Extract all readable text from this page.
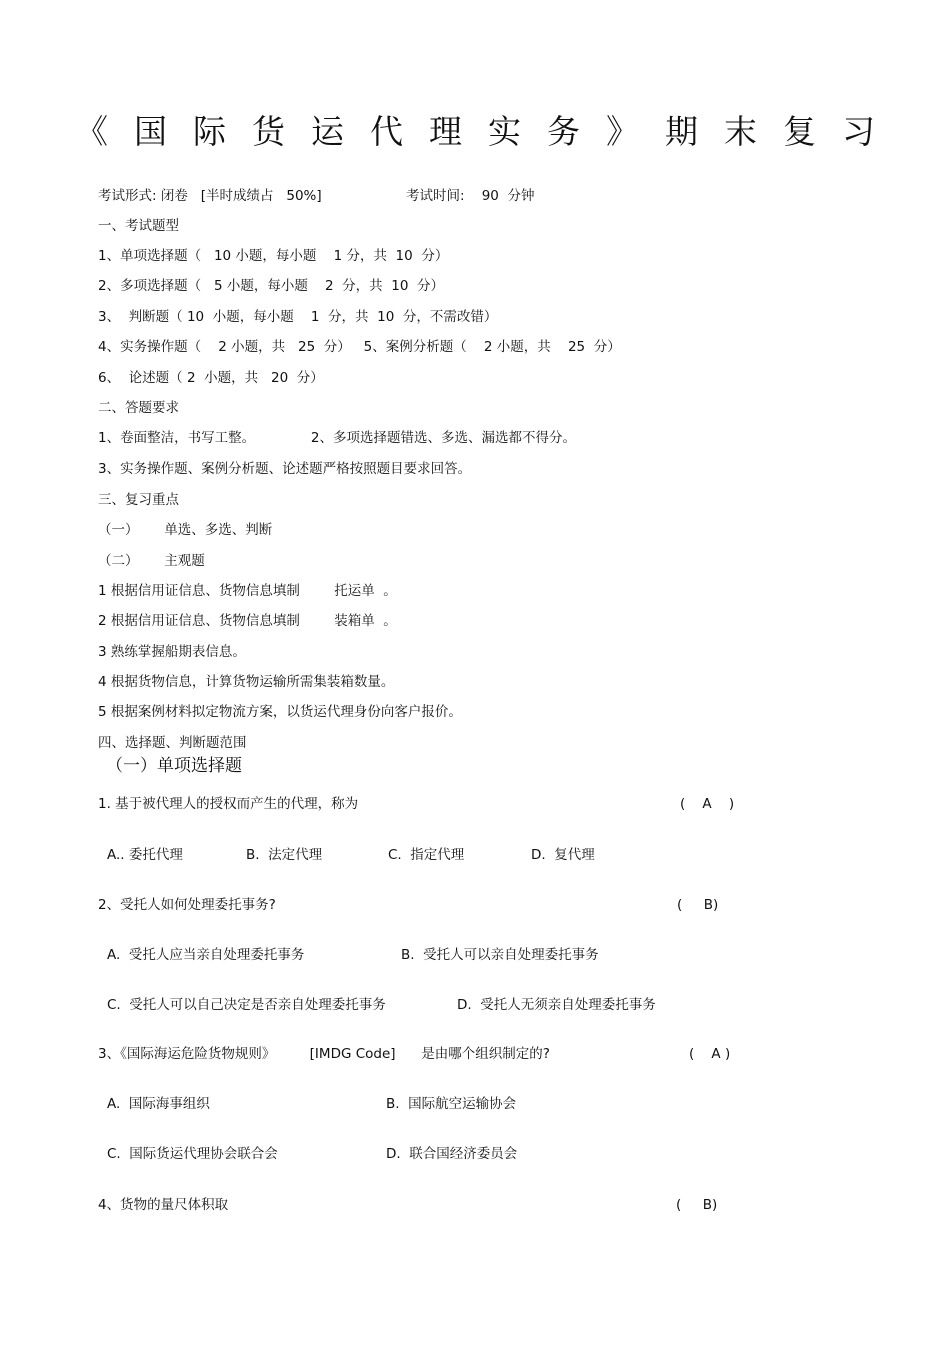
《国际货运代理实务》期末复习
考试形式: 闭卷   [半时成绩占   50%]	考试时间:    90  分钟
一、考试题型
1、单项选择题（   10 小题，每小题    1 分，共  10  分）
2、多项选择题（   5 小题，每小题    2  分，共  10  分）
3、  判断题（ 10  小题，每小题    1  分，共  10  分，不需改错）
4、实务操作题（    2 小题，共   25  分）   5、案例分析题（    2 小题，共    25  分）
6、  论述题（ 2  小题，共   20  分）
二、答题要求
1、卷面整洁，书写工整。             2、多项选择题错选、多选、漏选都不得分。
3、实务操作题、案例分析题、论述题严格按照题目要求回答。
三、复习重点
（一）      单选、多选、判断
（二）      主观题
1 根据信用证信息、货物信息填制        托运单  。
2 根据信用证信息、货物信息填制        装箱单  。
3 熟练掌握船期表信息。
4 根据货物信息，计算货物运输所需集装箱数量。
5 根据案例材料拟定物流方案，以货运代理身份向客户报价。
四、选择题、判断题范围
（一）单项选择题
1. 基于被代理人的授权而产生的代理，称为	(    A    )
A.. 委托代理	B.  法定代理	C.  指定代理	D.  复代理
2、受托人如何处理委托事务?	(     B)
A.  受托人应当亲自处理委托事务	B.  受托人可以亲自处理委托事务
C.  受托人可以自己决定是否亲自处理委托事务	D.  受托人无须亲自处理委托事务
3、《国际海运危险货物规则》        [IMDG Code]      是由哪个组织制定的?	(    A )
A.  国际海事组织	B.  国际航空运输协会
C.  国际货运代理协会联合会	D.  联合国经济委员会
4、货物的量尺体积取	(     B)
